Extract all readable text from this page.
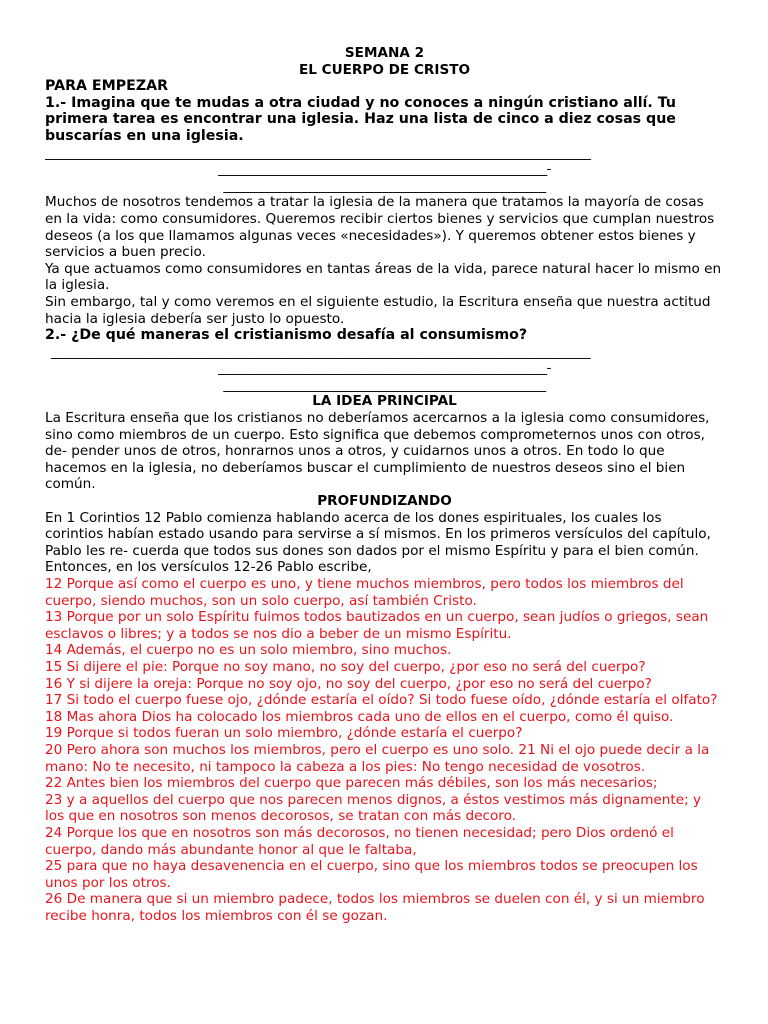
SEMANA 2

EL CUERPO DE CRISTO

PARA EMPEZAR

1.- Imagina que te mudas a otra ciudad y no conoces a ningún cristiano allí. Tu primera tarea es encontrar una iglesia. Haz una lista de cinco a diez cosas que buscarías en una iglesia.

________________________________________________________________________________________

_____________________________________________________-

____________________________________________________

Muchos de nosotros tendemos a tratar la iglesia de la manera que tratamos la mayoría de cosas en la vida: como consumidores. Queremos recibir ciertos bienes y servicios que cumplan nuestros deseos (a los que llamamos algunas veces «necesidades»). Y queremos obtener estos bienes y servicios a buen precio.

Ya que actuamos como consumidores en tantas áreas de la vida, parece natural hacer lo mismo en la iglesia.

Sin embargo, tal y como veremos en el siguiente estudio, la Escritura enseña que nuestra actitud hacia la iglesia debería ser justo lo opuesto.

2.- ¿De qué maneras el cristianismo desafía al consumismo?

_______________________________________________________________________________________

_____________________________________________________-

____________________________________________________

LA IDEA PRINCIPAL

La Escritura enseña que los cristianos no deberíamos acercarnos a la iglesia como consumidores, sino como miembros de un cuerpo. Esto significa que debemos comprometernos unos con otros, de- pender unos de otros, honrarnos unos a otros, y cuidarnos unos a otros. En todo lo que hacemos en la iglesia, no deberíamos buscar el cumplimiento de nuestros deseos sino el bien común.

PROFUNDIZANDO

En 1 Corintios 12 Pablo comienza hablando acerca de los dones espirituales, los cuales los corintios habían estado usando para servirse a sí mismos. En los primeros versículos del capítulo, Pablo les re- cuerda que todos sus dones son dados por el mismo Espíritu y para el bien común. Entonces, en los versículos 12-26 Pablo escribe,

12 Porque así como el cuerpo es uno, y tiene muchos miembros, pero todos los miembros del cuerpo, siendo muchos, son un solo cuerpo, así también Cristo.

13 Porque por un solo Espíritu fuimos todos bautizados en un cuerpo, sean judíos o griegos, sean esclavos o libres; y a todos se nos dio a beber de un mismo Espíritu.

14 Además, el cuerpo no es un solo miembro, sino muchos.

15 Si dijere el pie: Porque no soy mano, no soy del cuerpo, ¿por eso no será del cuerpo?

16 Y si dijere la oreja: Porque no soy ojo, no soy del cuerpo, ¿por eso no será del cuerpo?

17 Si todo el cuerpo fuese ojo, ¿dónde estaría el oído? Si todo fuese oído, ¿dónde estaría el olfato?

18 Mas ahora Dios ha colocado los miembros cada uno de ellos en el cuerpo, como él quiso.

19 Porque si todos fueran un solo miembro, ¿dónde estaría el cuerpo?

20 Pero ahora son muchos los miembros, pero el cuerpo es uno solo. 21 Ni el ojo puede decir a la mano: No te necesito, ni tampoco la cabeza a los pies: No tengo necesidad de vosotros.

22 Antes bien los miembros del cuerpo que parecen más débiles, son los más necesarios;

23 y a aquellos del cuerpo que nos parecen menos dignos, a éstos vestimos más dignamente; y los que en nosotros son menos decorosos, se tratan con más decoro.

24 Porque los que en nosotros son más decorosos, no tienen necesidad; pero Dios ordenó el cuerpo, dando más abundante honor al que le faltaba,

25 para que no haya desavenencia en el cuerpo, sino que los miembros todos se preocupen los unos por los otros.

26 De manera que si un miembro padece, todos los miembros se duelen con él, y si un miembro recibe honra, todos los miembros con él se gozan.
